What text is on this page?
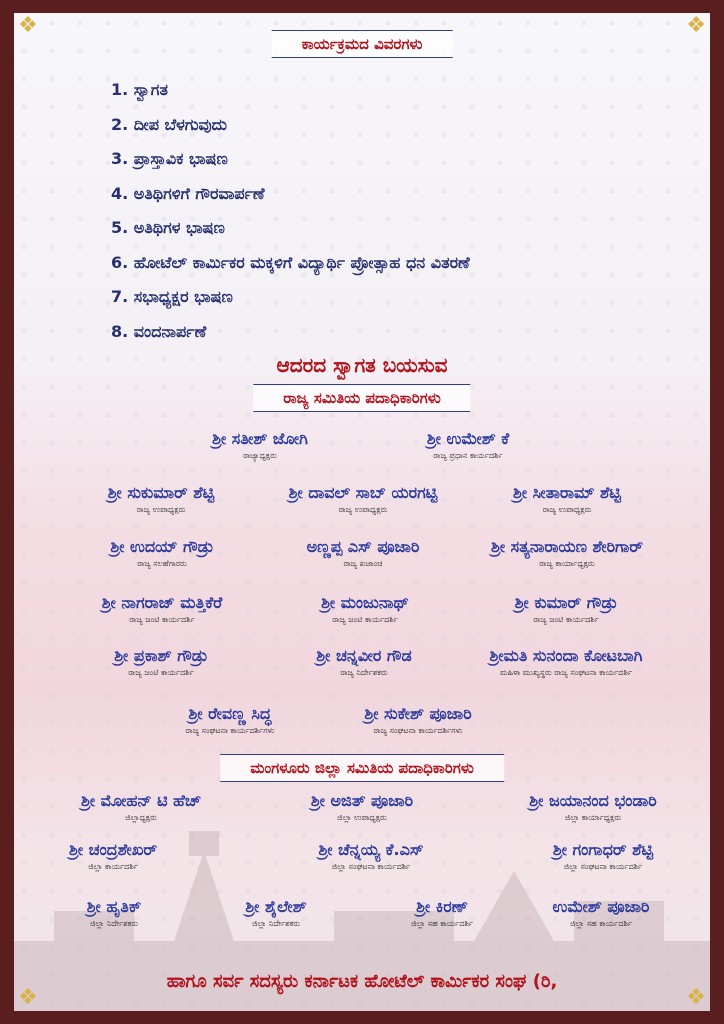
❖	❖
❖	❖
ಕಾರ್ಯಕ್ರಮದ ವಿವರಗಳು
1. ಸ್ವಾಗತ
2. ದೀಪ ಬೆಳಗುವುದು
3. ಪ್ರಾಸ್ತಾವಿಕ ಭಾಷಣ
4. ಅತಿಥಿಗಳಿಗೆ ಗೌರವಾರ್ಪಣೆ
5. ಅತಿಥಿಗಳ ಭಾಷಣ
6. ಹೋಟೆಲ್ ಕಾರ್ಮಿಕರ ಮಕ್ಕಳಿಗೆ ವಿದ್ಯಾರ್ಥಿ ಪ್ರೋತ್ಸಾಹ ಧನ ವಿತರಣೆ
7. ಸಭಾಧ್ಯಕ್ಷರ ಭಾಷಣ
8. ವಂದನಾರ್ಪಣೆ
ಆದರದ ಸ್ವಾಗತ ಬಯಸುವ
ರಾಜ್ಯ ಸಮಿತಿಯ ಪದಾಧಿಕಾರಿಗಳು
ಶ್ರೀ ಸತೀಶ್ ಜೋಗಿ
ರಾಜ್ಯಾಧ್ಯಕ್ಷರು
ಶ್ರೀ ಉಮೇಶ್ ಕೆ
ರಾಜ್ಯ ಪ್ರಧಾನ ಕಾರ್ಯದರ್ಶಿ
ಶ್ರೀ ಸುಕುಮಾರ್ ಶೆಟ್ಟಿ
ರಾಜ್ಯ ಉಪಾಧ್ಯಕ್ಷರು
ಶ್ರೀ ದಾವಲ್ ಸಾಬ್ ಯರಗಟ್ಟಿ
ರಾಜ್ಯ ಉಪಾಧ್ಯಕ್ಷರು
ಶ್ರೀ ಸೀತಾರಾಮ್ ಶೆಟ್ಟಿ
ರಾಜ್ಯ ಉಪಾಧ್ಯಕ್ಷರು
ಶ್ರೀ ಉದಯ್ ಗೌಡ್ರು
ರಾಜ್ಯ ಸಲಹೆಗಾರರು
ಅಣ್ಣಪ್ಪ ಎಸ್ ಪೂಜಾರಿ
ರಾಜ್ಯ ಖಜಾಂಚಿ
ಶ್ರೀ ಸತ್ಯನಾರಾಯಣ ಶೇರಿಗಾರ್
ರಾಜ್ಯ ಕಾರ್ಯಾಧ್ಯಕ್ಷರು
ಶ್ರೀ ನಾಗರಾಜ್ ಮತ್ತಿಕೆರೆ
ರಾಜ್ಯ ಜಂಟಿ ಕಾರ್ಯದರ್ಶಿ
ಶ್ರೀ ಮಂಜುನಾಥ್
ರಾಜ್ಯ ಜಂಟಿ ಕಾರ್ಯದರ್ಶಿ
ಶ್ರೀ ಕುಮಾರ್ ಗೌಡ್ರು
ರಾಜ್ಯ ಜಂಟಿ ಕಾರ್ಯದರ್ಶಿ
ಶ್ರೀ ಪ್ರಕಾಶ್ ಗೌಡ್ರು
ರಾಜ್ಯ ಜಂಟಿ ಕಾರ್ಯದರ್ಶಿ
ಶ್ರೀ ಚನ್ನವೀರ ಗೌಡ
ರಾಜ್ಯ ನಿರ್ದೇಶಕರು
ಶ್ರೀಮತಿ ಸುನಂದಾ ಕೋಟಬಾಗಿ
ಮಹಿಳಾ ಮುಖ್ಯಸ್ಥರು ರಾಜ್ಯ ಸಂಘಟನಾ ಕಾರ್ಯದರ್ಶಿ
ಶ್ರೀ ರೇವಣ್ಣ ಸಿದ್ಧ
ರಾಜ್ಯ ಸಂಘಟನಾ ಕಾರ್ಯದರ್ಶಿಗಳು
ಶ್ರೀ ಸುಕೇಶ್ ಪೂಜಾರಿ
ರಾಜ್ಯ ಸಂಘಟನಾ ಕಾರ್ಯದರ್ಶಿಗಳು
ಮಂಗಳೂರು ಜಿಲ್ಲಾ ಸಮಿತಿಯ ಪದಾಧಿಕಾರಿಗಳು
ಶ್ರೀ ಮೋಹನ್ ಟಿ ಹೆಚ್
ಜಿಲ್ಲಾಧ್ಯಕ್ಷರು
ಶ್ರೀ ಅಜಿತ್ ಪೂಜಾರಿ
ಜಿಲ್ಲಾ ಉಪಾಧ್ಯಕ್ಷರು
ಶ್ರೀ ಜಯಾನಂದ ಭಂಡಾರಿ
ಜಿಲ್ಲಾ ಕಾರ್ಯಾಧ್ಯಕ್ಷರು
ಶ್ರೀ ಚಂದ್ರಶೇಖರ್
ಜಿಲ್ಲಾ ಕಾರ್ಯದರ್ಶಿ
ಶ್ರೀ ಚೆನ್ನಯ್ಯ ಕೆ.ಎಸ್
ಜಿಲ್ಲಾ ಸಂಘಟನಾ ಕಾರ್ಯದರ್ಶಿ
ಶ್ರೀ ಗಂಗಾಧರ್ ಶೆಟ್ಟಿ
ಜಿಲ್ಲಾ ಸಂಘಟನಾ ಕಾರ್ಯದರ್ಶಿ
ಶ್ರೀ ಹೃತಿಕ್
ಜಿಲ್ಲಾ ನಿರ್ದೇಶಕರು
ಶ್ರೀ ಶೈಲೇಶ್
ಜಿಲ್ಲಾ ನಿರ್ದೇಶಕರು
ಶ್ರೀ ಕಿರಣ್
ಜಿಲ್ಲಾ ಸಹ ಕಾರ್ಯದರ್ಶಿ
ಉಮೇಶ್ ಪೂಜಾರಿ
ಜಿಲ್ಲಾ ಸಹ ಕಾರ್ಯದರ್ಶಿ
ಹಾಗೂ ಸರ್ವ ಸದಸ್ಯರು ಕರ್ನಾಟಕ ಹೋಟೆಲ್ ಕಾರ್ಮಿಕರ ಸಂಘ (ರಿ,
